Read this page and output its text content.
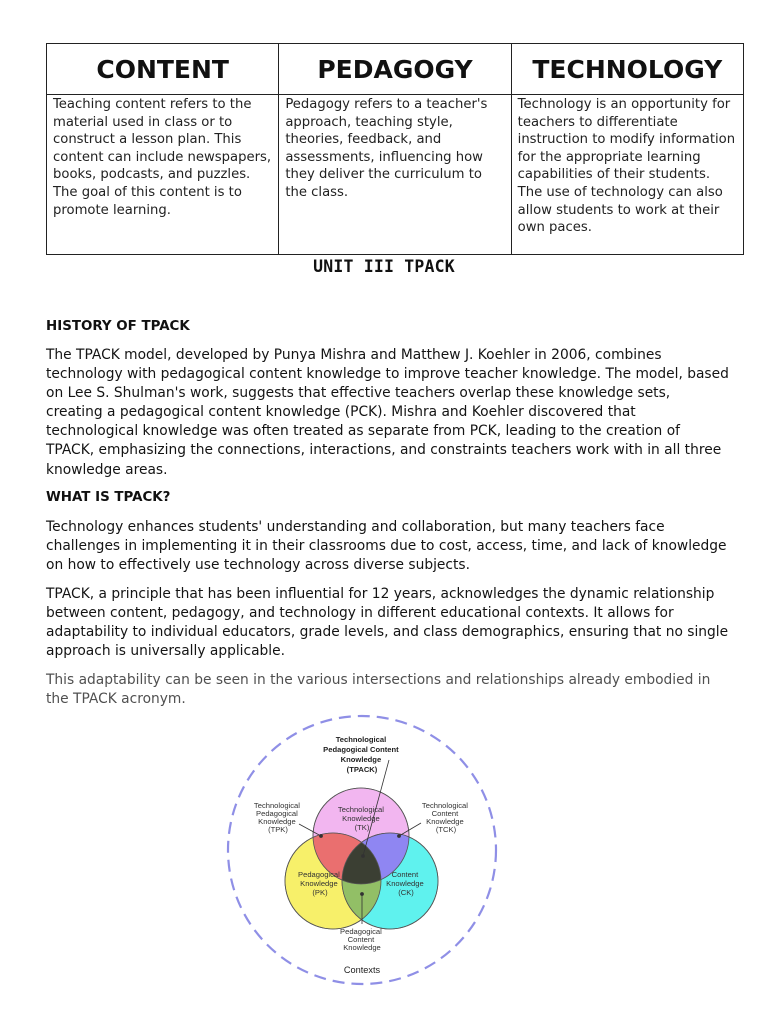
CONTENT	PEDAGOGY	TECHNOLOGY
Teaching content refers to the material used in class or to construct a lesson plan. This content can include newspapers, books, podcasts, and puzzles. The goal of this content is to promote learning.	Pedagogy refers to a teacher's approach, teaching style, theories, feedback, and assessments, influencing how they deliver the curriculum to the class.	Technology is an opportunity for teachers to differentiate instruction to modify information for the appropriate learning capabilities of their students. The use of technology can also allow students to work at their own paces.
UNIT III TPACK
HISTORY OF TPACK
The TPACK model, developed by Punya Mishra and Matthew J. Koehler in 2006, combines technology with pedagogical content knowledge to improve teacher knowledge. The model, based on Lee S. Shulman's work, suggests that effective teachers overlap these knowledge sets, creating a pedagogical content knowledge (PCK). Mishra and Koehler discovered that technological knowledge was often treated as separate from PCK, leading to the creation of TPACK, emphasizing the connections, interactions, and constraints teachers work with in all three knowledge areas.
WHAT IS TPACK?
Technology enhances students' understanding and collaboration, but many teachers face challenges in implementing it in their classrooms due to cost, access, time, and lack of knowledge on how to effectively use technology across diverse subjects.
TPACK, a principle that has been influential for 12 years, acknowledges the dynamic relationship between content, pedagogy, and technology in different educational contexts. It allows for adaptability to individual educators, grade levels, and class demographics, ensuring that no single approach is universally applicable.
This adaptability can be seen in the various intersections and relationships already embodied in the TPACK acronym.
Technological Pedagogical Content Knowledge (TPACK)
Technological Knowledge (TK)
Pedagogical Knowledge (PK)
Content Knowledge (CK)
Technological Pedagogical Knowledge (TPK)
Technological Content Knowledge (TCK)
Pedagogical Content Knowledge
Contexts
